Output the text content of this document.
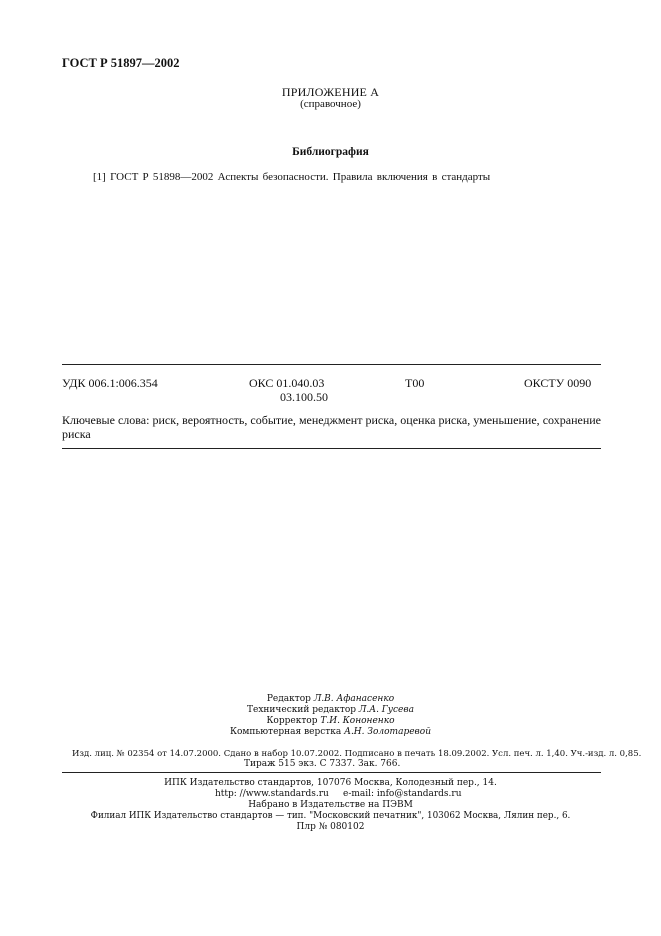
ГОСТ Р 51897—2002
ПРИЛОЖЕНИЕ А
(справочное)
Библиография
[1] ГОСТ Р 51898—2002 Аспекты безопасности. Правила включения в стандарты
УДК 006.1:006.354	ОКС 01.040.03
03.100.50
Т00	ОКСТУ 0090
Ключевые слова: риск, вероятность, событие, менеджмент риска, оценка риска, уменьшение, сохранение риска
Редактор Л.В. Афанасенко
Технический редактор Л.А. Гусева
Корректор Т.И. Кононенко
Компьютерная верстка А.Н. Золотаревой
Изд. лиц. № 02354 от 14.07.2000. Сдано в набор 10.07.2002. Подписано в печать 18.09.2002. Усл. печ. л. 1,40. Уч.-изд. л. 0,85.
Тираж 515 экз. С 7337. Зак. 766.
ИПК Издательство стандартов, 107076 Москва, Колодезный пер., 14.
http: //www.standards.ru e-mail: info@standards.ru
Набрано в Издательстве на ПЭВМ
Филиал ИПК Издательство стандартов — тип. "Московский печатник", 103062 Москва, Лялин пер., 6.
Плр № 080102
